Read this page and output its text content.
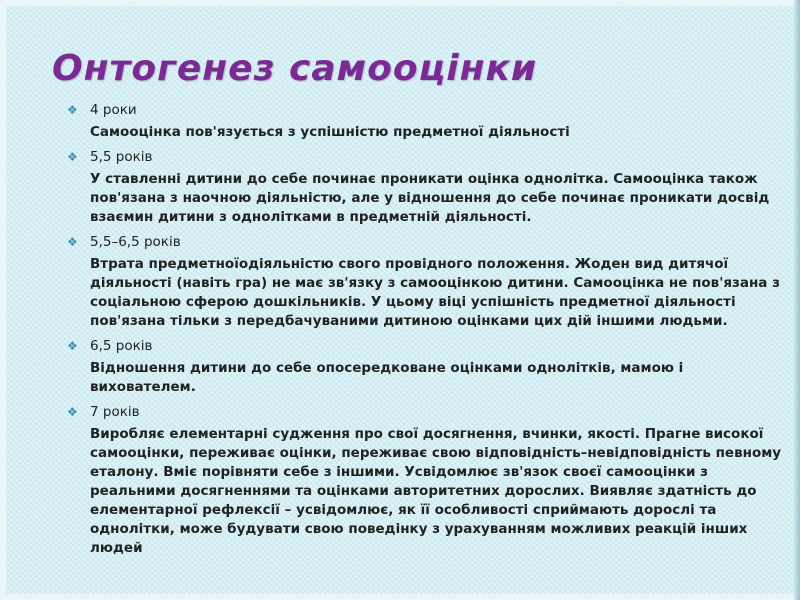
Онтогенез самооцінки
❖ 4 роки
Самооцінка пов'язується з успішністю предметної діяльності
❖ 5,5 років
У ставленні дитини до себе починає проникати оцінка однолітка. Самооцінка також пов'язана з наочною діяльністю, але у відношення до себе починає проникати досвід взаємин дитини з однолітками в предметній діяльності.
❖ 5,5–6,5 років
Втрата предметноїодіяльністю свого провідного положення. Жоден вид дитячої діяльності (навіть гра) не має зв'язку з самооцінкою дитини. Самооцінка не пов'язана з соціальною сферою дошкільників. У цьому віці успішність предметної діяльності пов'язана тільки з передбачуваними дитиною оцінками цих дій іншими людьми.
❖ 6,5 років
Відношення дитини до себе опосередковане оцінками однолітків, мамою і вихователем.
❖ 7 років
Виробляє елементарні судження про свої досягнення, вчинки, якості. Прагне високої самооцінки, переживає оцінки, переживає свою відповідність–невідповідність певному еталону. Вміє порівняти себе з іншими. Усвідомлює зв'язок своєї самооцінки з реальними досягненнями та оцінками авторитетних дорослих. Виявляє здатність до елементарної рефлексії – усвідомлює, як її особливості сприймають дорослі та однолітки, може будувати свою поведінку з урахуванням можливих реакцій інших людей
